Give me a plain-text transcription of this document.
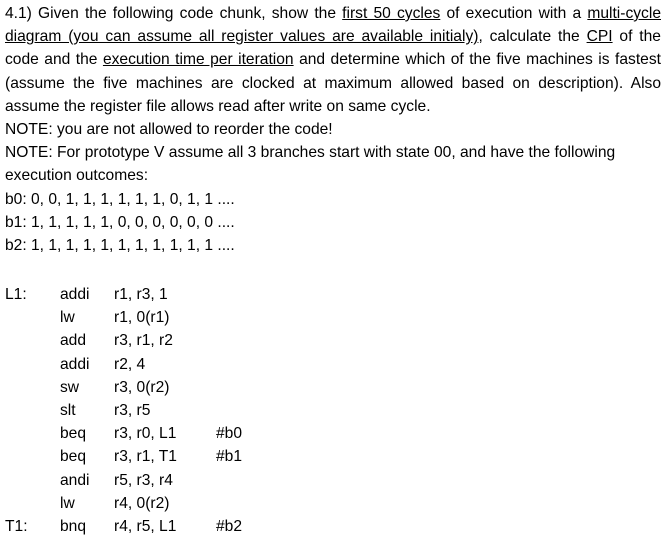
4.1) Given the following code chunk, show the first 50 cycles of execution with a multi-cycle diagram (you can assume all register values are available initialy), calculate the CPI of the code and the execution time per iteration and determine which of the five machines is fastest (assume the five machines are clocked at maximum allowed based on description). Also assume the register file allows read after write on same cycle.

NOTE: you are not allowed to reorder the code!

NOTE: For prototype V assume all 3 branches start with state 00, and have the following execution outcomes:

b0: 0, 0, 1, 1, 1, 1, 1, 1, 0, 1, 1 ....

b1: 1, 1, 1, 1, 1, 0, 0, 0, 0, 0, 0 ....

b2: 1, 1, 1, 1, 1, 1, 1, 1, 1, 1, 1 ....

L1: addi r1, r3, 1
lw	r1, 0(r1)
add r3, r1, r2
addi r2, 4
sw r3, 0(r2)
slt r3, r5
beq r3, r0, L1	#b0
beq r3, r1, T1	#b1
andi r5, r3, r4
lw	r4, 0(r2)
T1: bnq r4, r5, L1	#b2
